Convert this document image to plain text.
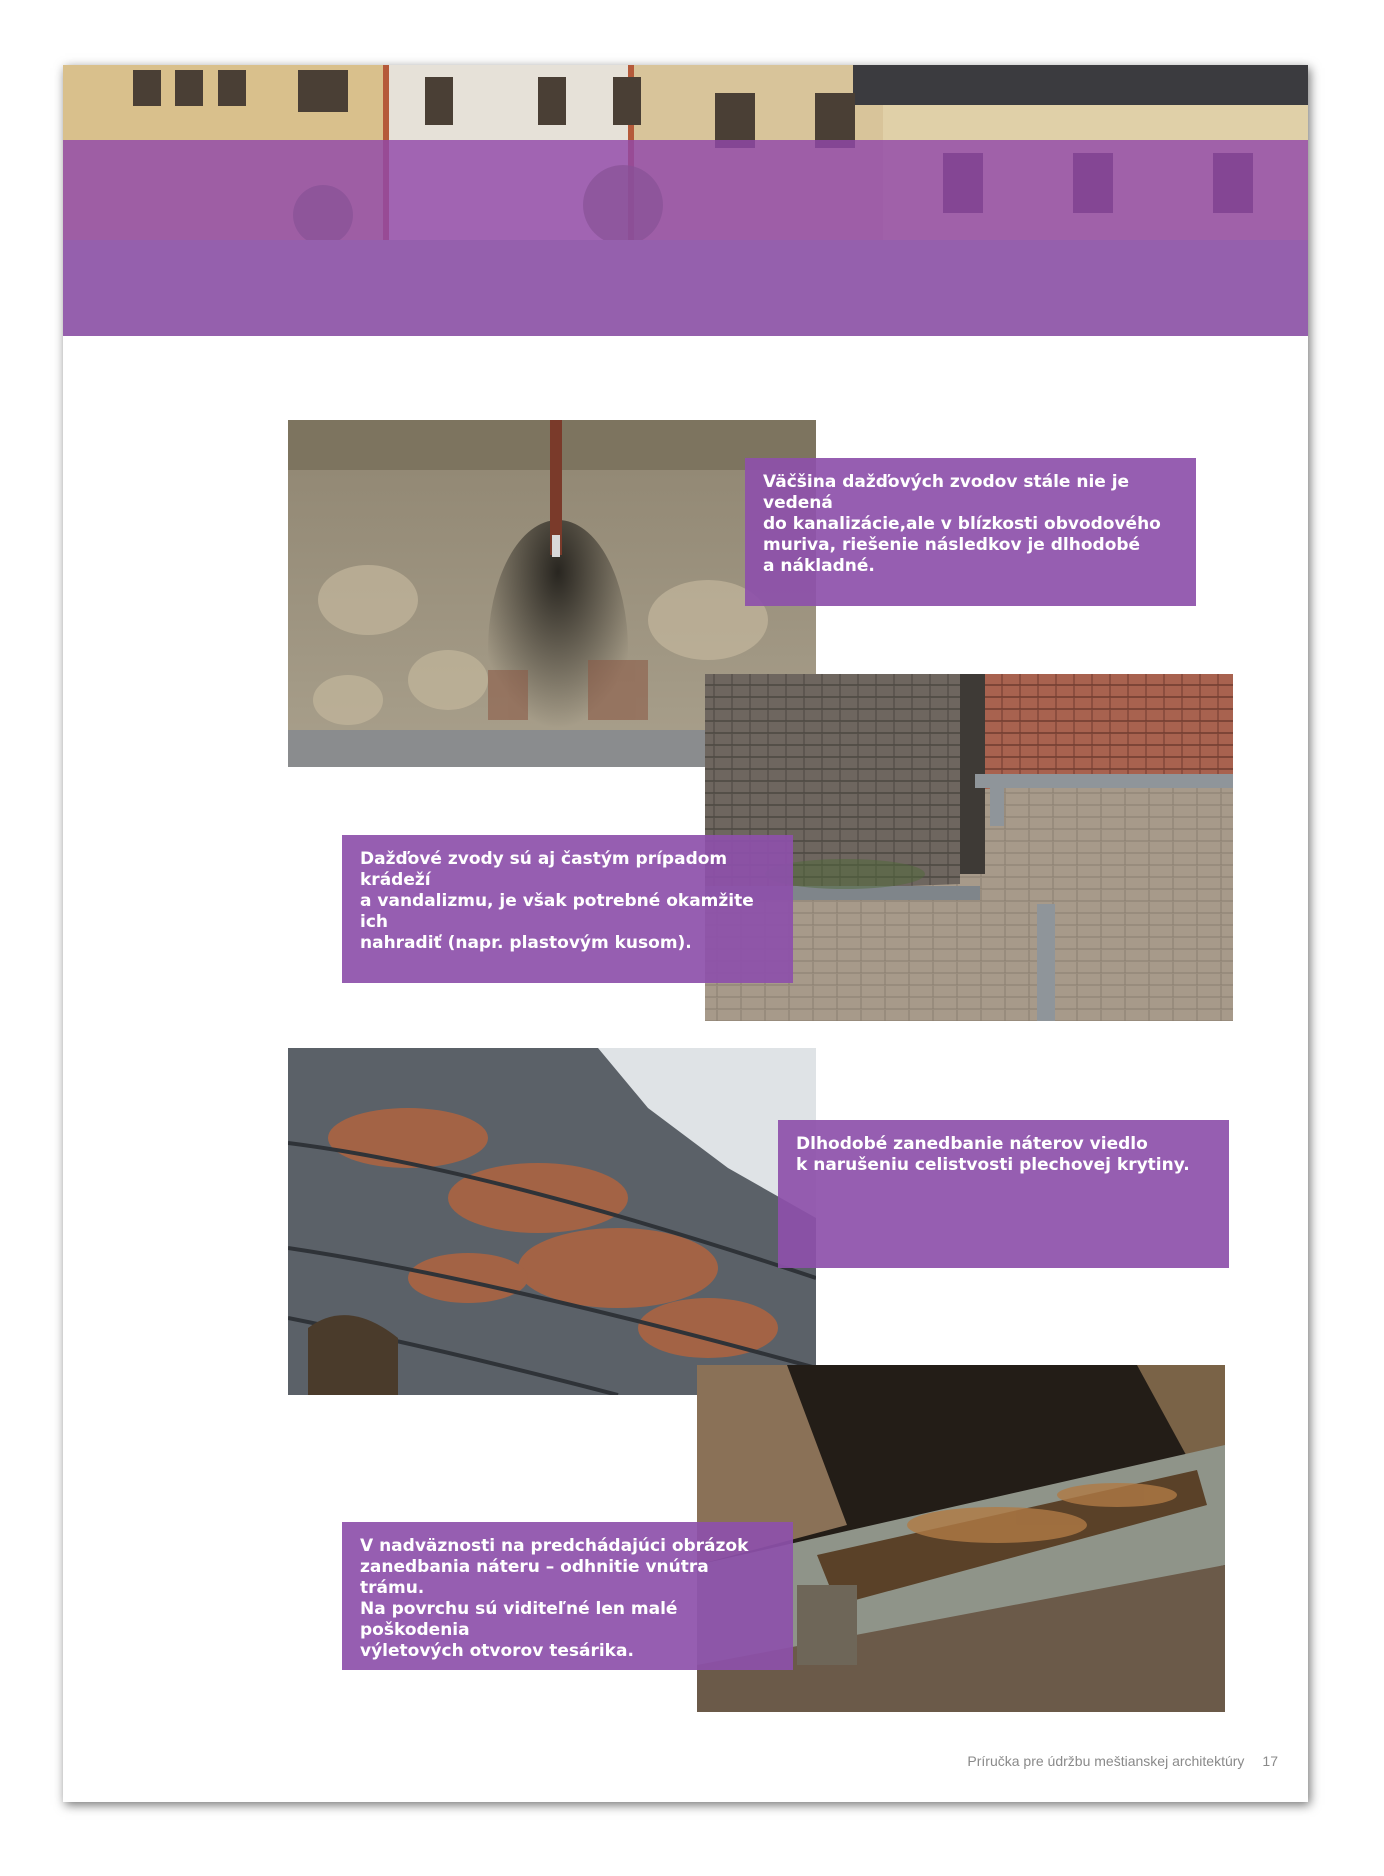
Väčšina dažďových zvodov stále nie je vedená
do kanalizácie,ale v blízkosti obvodového
muriva, riešenie následkov je dlhodobé
a nákladné.
Dažďové zvody sú aj častým prípadom krádeží
a vandalizmu, je však potrebné okamžite ich
nahradiť (napr. plastovým kusom).
Dlhodobé zanedbanie náterov viedlo
k narušeniu celistvosti plechovej krytiny.
V nadväznosti na predchádajúci obrázok
zanedbania náteru – odhnitie vnútra trámu.
Na povrchu sú viditeľné len malé poškodenia
výletových otvorov tesárika.
Príručka pre údržbu meštianskej architektúry 17
